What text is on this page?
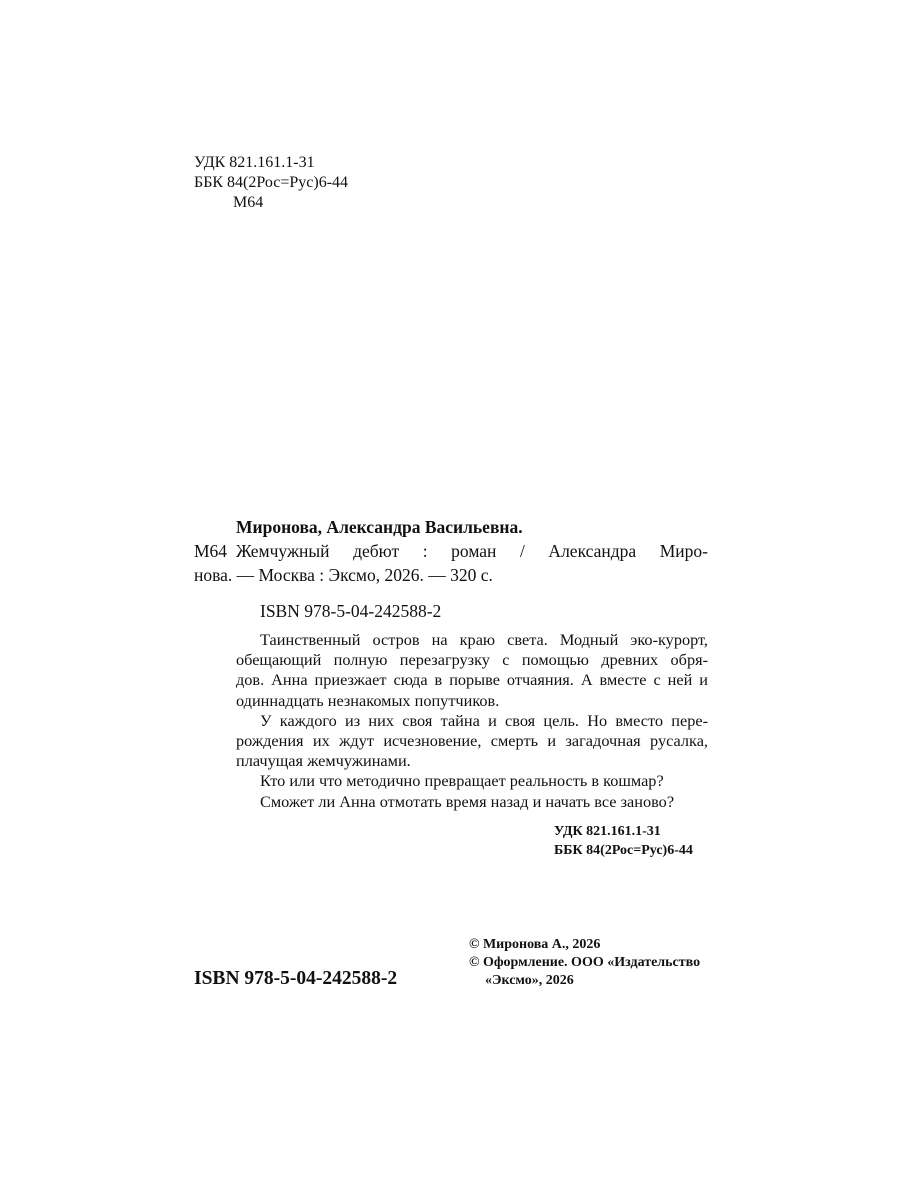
УДК 821.161.1-31
ББК 84(2Рос=Рус)6-44
М64
Миронова, Александра Васильевна.
М64 Жемчужный дебют : роман / Александра Миро-
нова. — Москва : Эксмо, 2026. — 320 с.
ISBN 978-5-04-242588-2
Таинственный остров на краю света. Модный эко-курорт,
обещающий полную перезагрузку с помощью древних обря-
дов. Анна приезжает сюда в порыве отчаяния. А вместе с ней и
одиннадцать незнакомых попутчиков.
У каждого из них своя тайна и своя цель. Но вместо пере-
рождения их ждут исчезновение, смерть и загадочная русалка,
плачущая жемчужинами.
Кто или что методично превращает реальность в кошмар?
Сможет ли Анна отмотать время назад и начать все заново?
УДК 821.161.1-31
ББК 84(2Рос=Рус)6-44
ISBN 978-5-04-242588-2
© Миронова А., 2026
© Оформление. ООО «Издательство
«Эксмо», 2026
